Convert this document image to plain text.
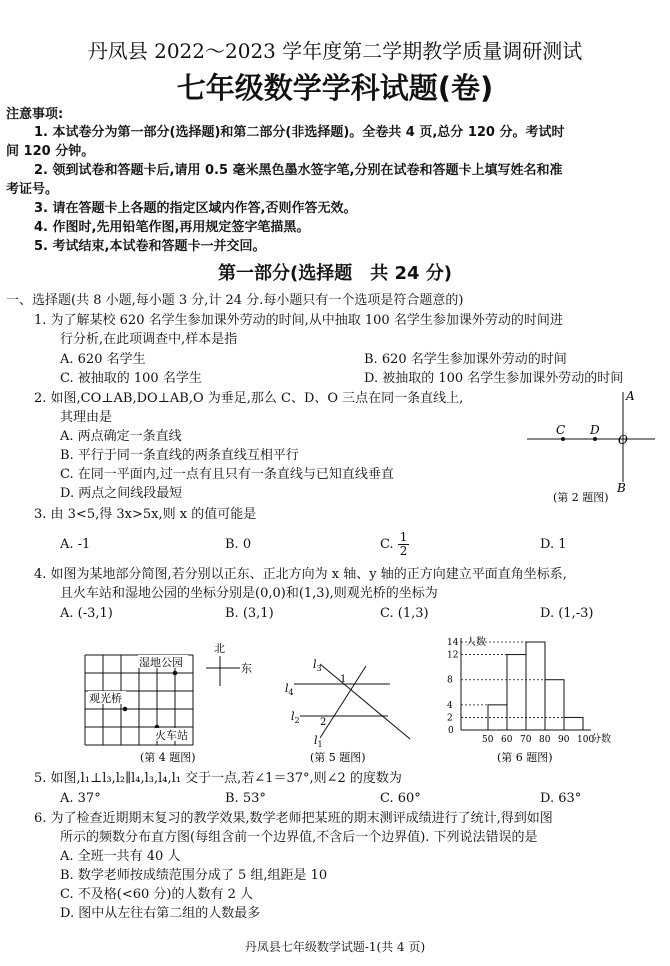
丹凤县 2022～2023 学年度第二学期教学质量调研测试
七年级数学学科试题(卷)
注意事项:
1. 本试卷分为第一部分(选择题)和第二部分(非选择题)。全卷共 4 页,总分 120 分。考试时
间 120 分钟。
2. 领到试卷和答题卡后,请用 0.5 毫米黑色墨水签字笔,分别在试卷和答题卡上填写姓名和准
考证号。
3. 请在答题卡上各题的指定区域内作答,否则作答无效。
4. 作图时,先用铅笔作图,再用规定签字笔描黑。
5. 考试结束,本试卷和答题卡一并交回。
第一部分(选择题　共 24 分)
一、选择题(共 8 小题,每小题 3 分,计 24 分.每小题只有一个选项是符合题意的)
1. 为了解某校 620 名学生参加课外劳动的时间,从中抽取 100 名学生参加课外劳动的时间进
行分析,在此项调查中,样本是指
A. 620 名学生	B. 620 名学生参加课外劳动的时间
C. 被抽取的 100 名学生	D. 被抽取的 100 名学生参加课外劳动的时间
2. 如图,CO⊥AB,DO⊥AB,O 为垂足,那么 C、D、O 三点在同一条直线上,
其理由是
A. 两点确定一条直线
B. 平行于同一条直线的两条直线互相平行
C. 在同一平面内,过一点有且只有一条直线与已知直线垂直
D. 两点之间线段最短
A
C D
O
B
(第 2 题图)
3. 由 3<5,得 3x>5x,则 x 的值可能是
A. -1	B. 0	C. $\frac{1}{2}$	D. 1
4. 如图为某地部分简图,若分别以正东、正北方向为 x 轴、y 轴的正方向建立平面直角坐标系,
且火车站和湿地公园的坐标分别是(0,0)和(1,3),则观光桥的坐标为
A. (-3,1)	B. (3,1)	C. (1,3)	D. (1,-3)
湿地公园
观光桥
火车站
(第 4 题图)
北
东	$l_3$
$l_4$
$l_2$
$l_1$
1
2
(第 5 题图)
人数
分数
0
2
4
8
12
14
50 60 70 80 90 100
(第 6 题图)
5. 如图,l₁⊥l₃,l₂∥l₄,l₃,l₄,l₁ 交于一点,若∠1＝37°,则∠2 的度数为
A. 37°	B. 53°	C. 60°	D. 63°
6. 为了检查近期期末复习的教学效果,数学老师把某班的期末测评成绩进行了统计,得到如图
所示的频数分布直方图(每组含前一个边界值,不含后一个边界值). 下列说法错误的是
A. 全班一共有 40 人
B. 数学老师按成绩范围分成了 5 组,组距是 10
C. 不及格(<60 分)的人数有 2 人
D. 图中从左往右第二组的人数最多
丹凤县七年级数学试题-1(共 4 页)
